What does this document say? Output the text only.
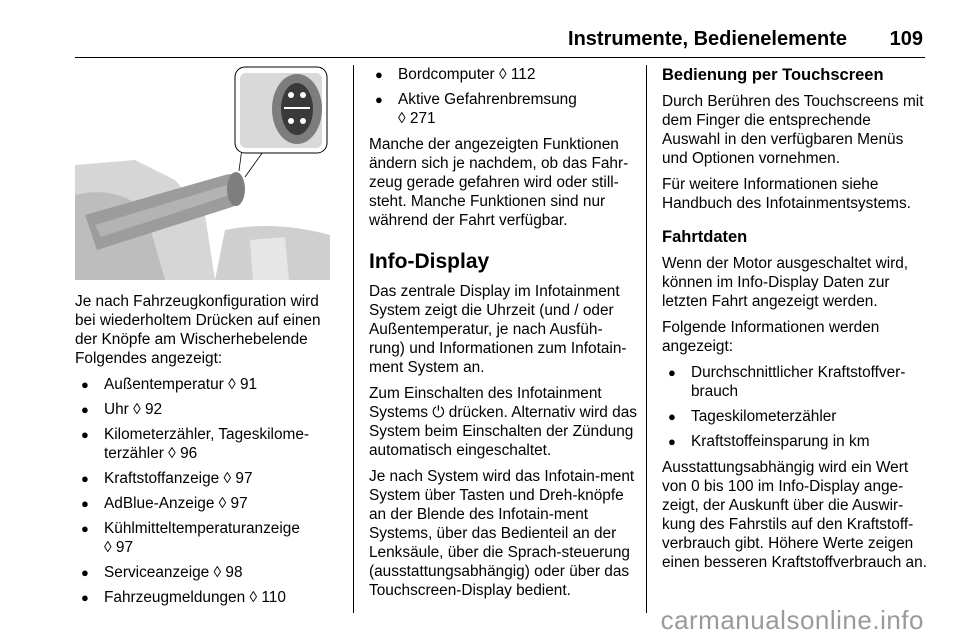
Instrumente, Bedienelemente 109

Je nach Fahrzeugkonfiguration wird bei wiederholtem Drücken auf einen der Knöpfe am Wischerhebelende Folgendes angezeigt:

● Außentemperatur ◊ 91
● Uhr ◊ 92
● Kilometerzähler, Tageskilome-terzähler ◊ 96
● Kraftstoffanzeige ◊ 97
● AdBlue-Anzeige ◊ 97
● Kühlmitteltemperaturanzeige
◊ 97
● Serviceanzeige ◊ 98
● Fahrzeugmeldungen ◊ 110
● Bordcomputer ◊ 112
● Aktive Gefahrenbremsung
◊ 271

Manche der angezeigten Funktionen ändern sich je nachdem, ob das Fahr-zeug gerade gefahren wird oder still-steht. Manche Funktionen sind nur während der Fahrt verfügbar.

Info-Display

Das zentrale Display im Infotainment System zeigt die Uhrzeit (und / oder Außentemperatur, je nach Ausfüh-rung) und Informationen zum Infotain-ment System an.

Zum Einschalten des Infotainment Systems ⏻ drücken. Alternativ wird das System beim Einschalten der Zündung automatisch eingeschaltet.

Je nach System wird das Infotain-ment System über Tasten und Dreh-knöpfe an der Blende des Infotain-ment Systems, über das Bedienteil an der Lenksäule, über die Sprach-steuerung (ausstattungsabhängig) oder über das Touchscreen-Display bedient.

Bedienung per Touchscreen

Durch Berühren des Touchscreens mit dem Finger die entsprechende Auswahl in den verfügbaren Menüs und Optionen vornehmen.

Für weitere Informationen siehe Handbuch des Infotainmentsystems.

Fahrtdaten

Wenn der Motor ausgeschaltet wird, können im Info-Display Daten zur letzten Fahrt angezeigt werden.

Folgende Informationen werden angezeigt:

● Durchschnittlicher Kraftstoffver-brauch
● Tageskilometerzähler
● Kraftstoffeinsparung in km

Ausstattungsabhängig wird ein Wert von 0 bis 100 im Info-Display ange-zeigt, der Auskunft über die Auswir-kung des Fahrstils auf den Kraftstoff-verbrauch gibt. Höhere Werte zeigen einen besseren Kraftstoffverbrauch an.

carmanualsonline.info
